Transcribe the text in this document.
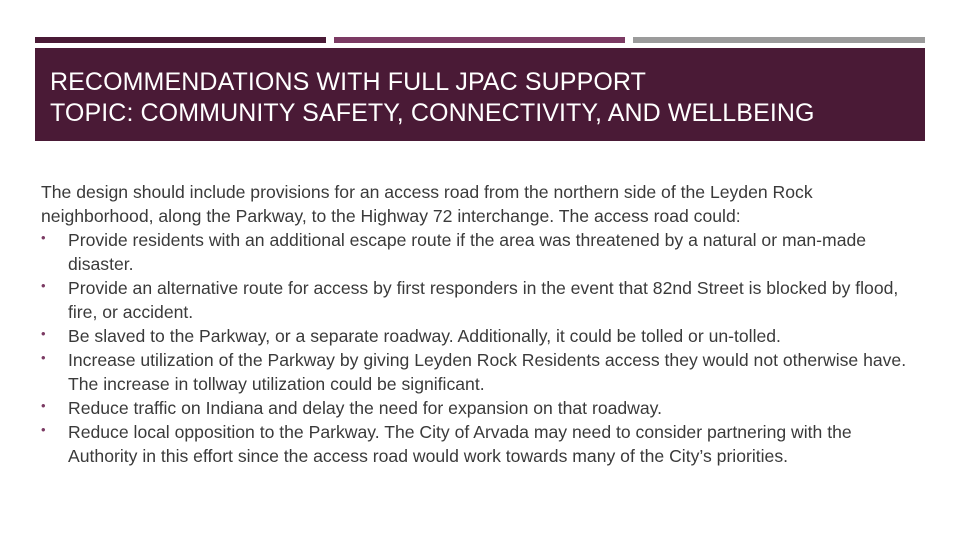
RECOMMENDATIONS WITH FULL JPAC SUPPORT
TOPIC: COMMUNITY SAFETY, CONNECTIVITY, AND WELLBEING

The design should include provisions for an access road from the northern side of the Leyden Rock neighborhood, along the Parkway, to the Highway 72 interchange. The access road could:

• Provide residents with an additional escape route if the area was threatened by a natural or man-made disaster.
• Provide an alternative route for access by first responders in the event that 82nd Street is blocked by flood, fire, or accident.
• Be slaved to the Parkway, or a separate roadway. Additionally, it could be tolled or un-tolled.
• Increase utilization of the Parkway by giving Leyden Rock Residents access they would not otherwise have. The increase in tollway utilization could be significant.
• Reduce traffic on Indiana and delay the need for expansion on that roadway.
• Reduce local opposition to the Parkway. The City of Arvada may need to consider partnering with the Authority in this effort since the access road would work towards many of the City’s priorities.
